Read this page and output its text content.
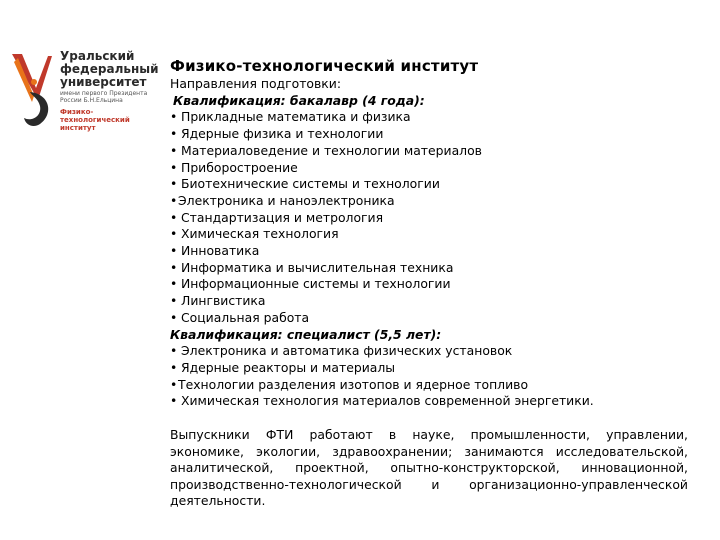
Уральский
федеральный
университет
имени первого Президента России Б.Н.Ельцина
Физико-
технологический
институт
Физико-технологический институт
Направления подготовки:
Квалификация: бакалавр (4 года):
• Прикладные математика и физика
• Ядерные физика и технологии
• Материаловедение и технологии материалов
• Приборостроение
• Биотехнические системы и технологии
• Электроника и наноэлектроника
• Стандартизация и метрология
• Химическая технология
• Инноватика
• Информатика и вычислительная техника
• Информационные системы и технологии
• Лингвистика
• Социальная работа
Квалификация: специалист (5,5 лет):
• Электроника и автоматика физических установок
• Ядерные реакторы и материалы
• Технологии разделения изотопов и ядерное топливо
• Химическая технология материалов современной энергетики.
Выпускники ФТИ работают в науке, промышленности, управлении, экономике, экологии, здравоохранении; занимаются исследовательской, аналитической, проектной, опытно-конструкторской, инновационной, производственно-технологической и организационно-управленческой деятельности.
